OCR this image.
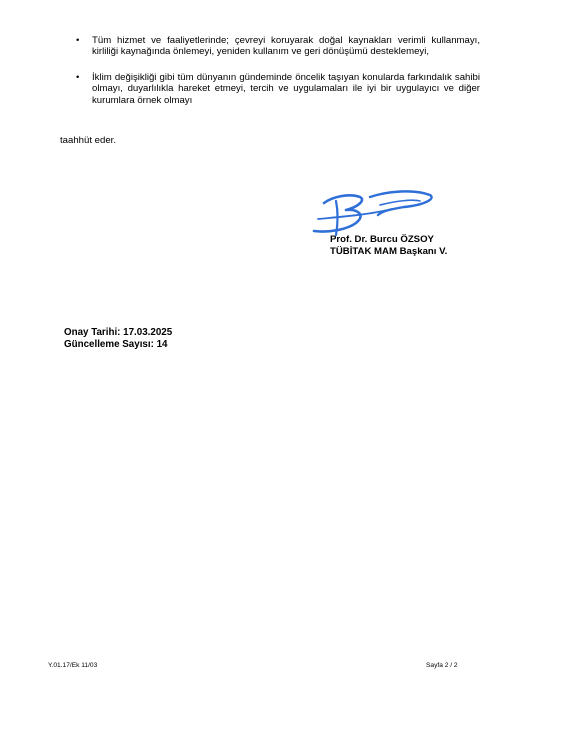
• Tüm hizmet ve faaliyetlerinde; çevreyi koruyarak doğal kaynakları verimli kullanmayı, kirliliği kaynağında önlemeyi, yeniden kullanım ve geri dönüşümü desteklemeyi,
• İklim değişikliği gibi tüm dünyanın gündeminde öncelik taşıyan konularda farkındalık sahibi olmayı, duyarlılıkla hareket etmeyi, tercih ve uygulamaları ile iyi bir uygulayıcı ve diğer kurumlara örnek olmayı
taahhüt eder.
Prof. Dr. Burcu ÖZSOY
TÜBİTAK MAM Başkanı V.
Onay Tarihi: 17.03.2025
Güncelleme Sayısı: 14
Y.01.17/Ek 11/03	Sayfa 2 / 2
